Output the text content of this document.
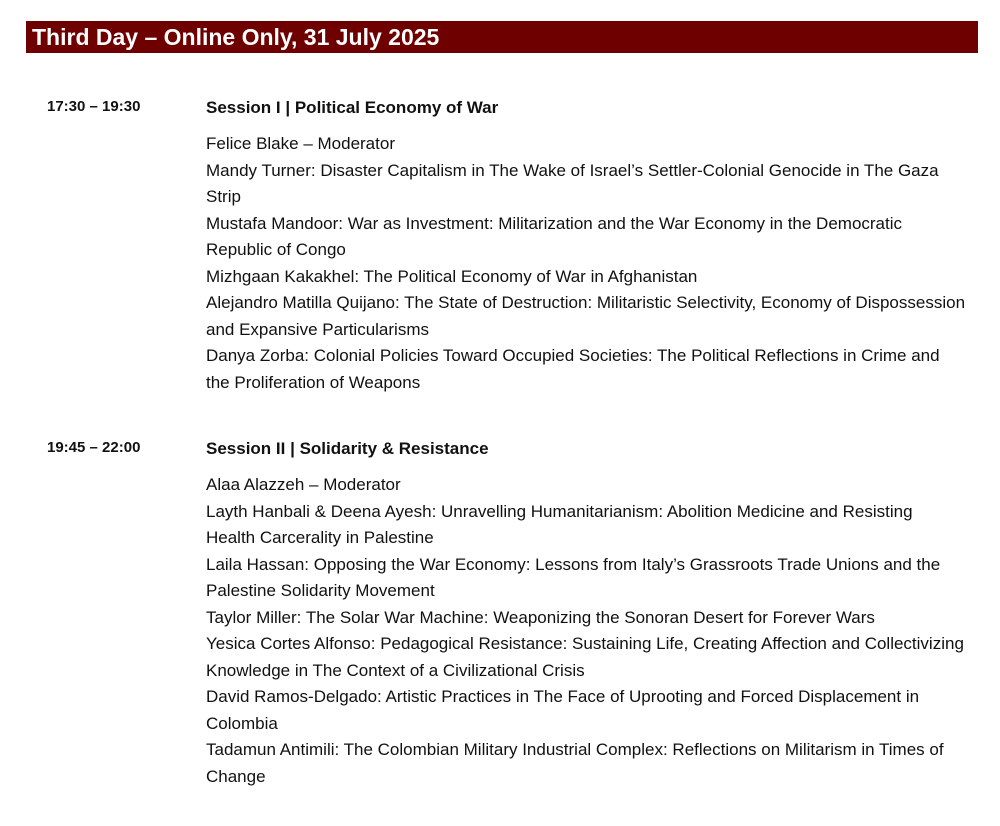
Third Day – Online Only, 31 July 2025
17:30 – 19:30	Session I | Political Economy of War
Felice Blake – Moderator
Mandy Turner: Disaster Capitalism in The Wake of Israel’s Settler-Colonial Genocide in The Gaza Strip
Mustafa Mandoor: War as Investment: Militarization and the War Economy in the Democratic Republic of Congo
Mizhgaan Kakakhel: The Political Economy of War in Afghanistan
Alejandro Matilla Quijano: The State of Destruction: Militaristic Selectivity, Economy of Dispossession and Expansive Particularisms
Danya Zorba: Colonial Policies Toward Occupied Societies: The Political Reflections in Crime and the Proliferation of Weapons
19:45 – 22:00	Session II | Solidarity & Resistance
Alaa Alazzeh – Moderator
Layth Hanbali & Deena Ayesh: Unravelling Humanitarianism: Abolition Medicine and Resisting Health Carcerality in Palestine
Laila Hassan: Opposing the War Economy: Lessons from Italy’s Grassroots Trade Unions and the Palestine Solidarity Movement
Taylor Miller: The Solar War Machine: Weaponizing the Sonoran Desert for Forever Wars
Yesica Cortes Alfonso: Pedagogical Resistance: Sustaining Life, Creating Affection and Collectivizing Knowledge in The Context of a Civilizational Crisis
David Ramos-Delgado: Artistic Practices in The Face of Uprooting and Forced Displacement in Colombia
Tadamun Antimili: The Colombian Military Industrial Complex: Reflections on Militarism in Times of Change
